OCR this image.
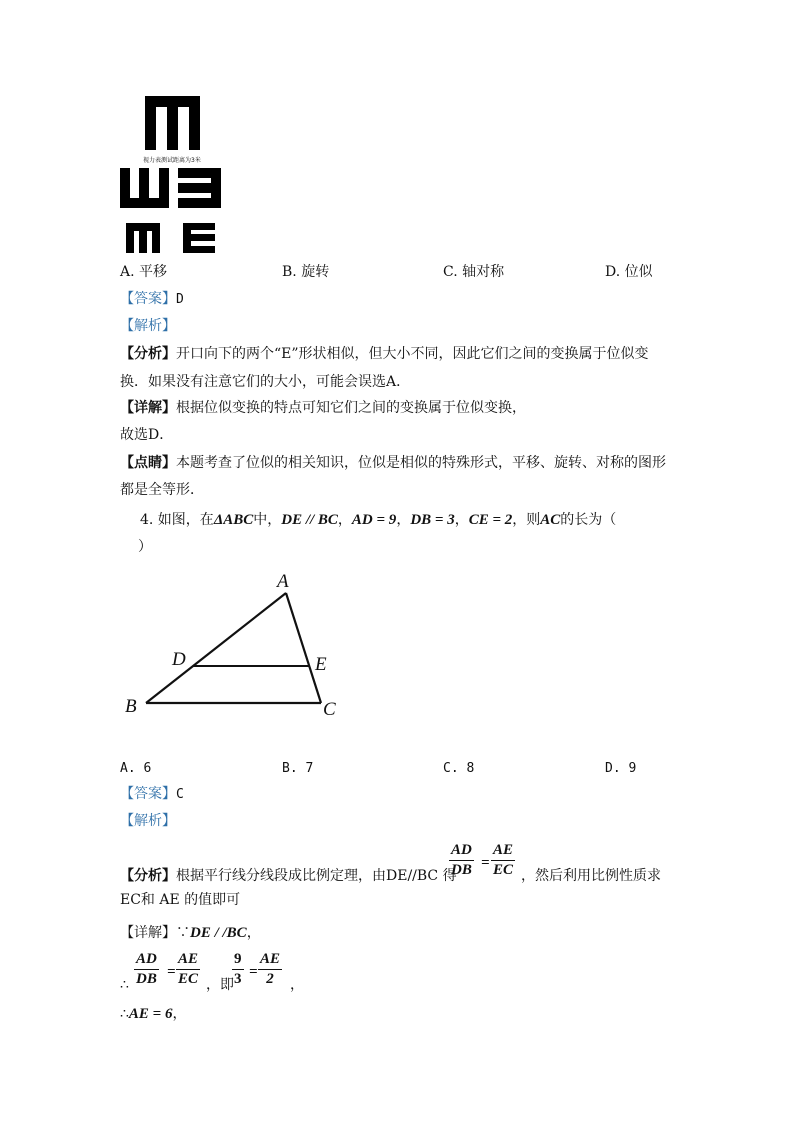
视力表测试距离为3米
A. 平移	B. 旋转	C. 轴对称	D. 位似
【答案】D
【解析】
【分析】开口向下的两个“E”形状相似，但大小不同，因此它们之间的变换属于位似变
换．如果没有注意它们的大小，可能会误选A．
【详解】根据位似变换的特点可知它们之间的变换属于位似变换，
故选D．
【点睛】本题考查了位似的相关知识，位似是相似的特殊形式，平移、旋转、对称的图形
都是全等形．
4. 如图，在ΔABC中，DE // BC，AD = 9，DB = 3，CE = 2，则AC的长为（
）
A
B	C
D	E
A. 6	B. 7	C. 8	D. 9
【答案】C
【解析】
【分析】根据平行线分线段成比例定理，由DE//BC 得
$\frac{AD}{DB} = \frac{AE}{EC}$ ，然后利用比例性质求
EC和 AE 的值即可
【详解】∵DE / /BC，
$\frac{AD}{DB} = \frac{AE}{EC}$
∴	，即
$\frac{9}{3} = \frac{AE}{2}$ ，
∴AE = 6，
